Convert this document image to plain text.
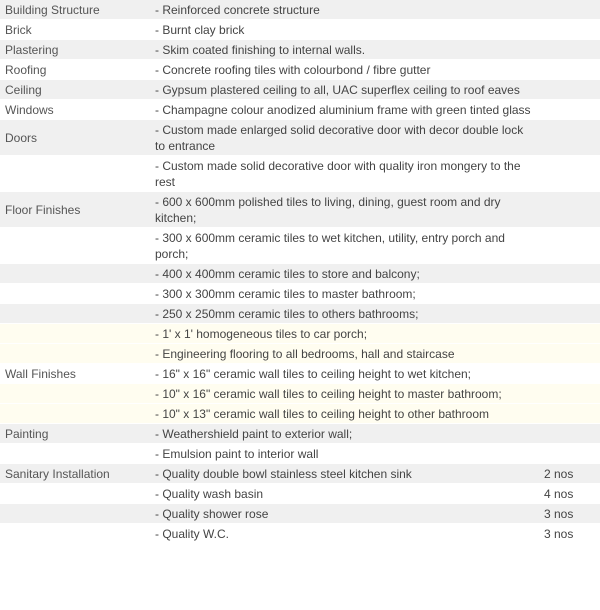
Building Structure	- Reinforced concrete structure	
Brick	- Burnt clay brick	
Plastering	- Skim coated finishing to internal walls.	
Roofing	- Concrete roofing tiles with colourbond / fibre gutter	
Ceiling	- Gypsum plastered ceiling to all, UAC superflex ceiling to roof eaves	
Windows	- Champagne colour anodized aluminium frame with green tinted glass	
Doors	- Custom made enlarged solid decorative door with decor double lock to entrance	
	- Custom made solid decorative door with quality iron mongery to the rest	
Floor Finishes	- 600 x 600mm polished tiles to living, dining, guest room and dry kitchen;	
	- 300 x 600mm ceramic tiles to wet kitchen, utility, entry porch and porch;	
	- 400 x 400mm ceramic tiles to store and balcony;	
	- 300 x 300mm ceramic tiles to master bathroom;	
	- 250 x 250mm ceramic tiles to others bathrooms;	
	- 1' x 1' homogeneous tiles to car porch;	
	- Engineering flooring to all bedrooms, hall and staircase	
Wall Finishes	- 16" x 16" ceramic wall tiles to ceiling height to wet kitchen;	
	- 10" x 16" ceramic wall tiles to ceiling height to master bathroom;	
	- 10" x 13" ceramic wall tiles to ceiling height to other bathroom	
Painting	- Weathershield paint to exterior wall;	
	- Emulsion paint to interior wall	
Sanitary Installation	- Quality double bowl stainless steel kitchen sink	2 nos
	- Quality wash basin	4 nos
	- Quality shower rose	3 nos
	- Quality W.C.	3 nos
